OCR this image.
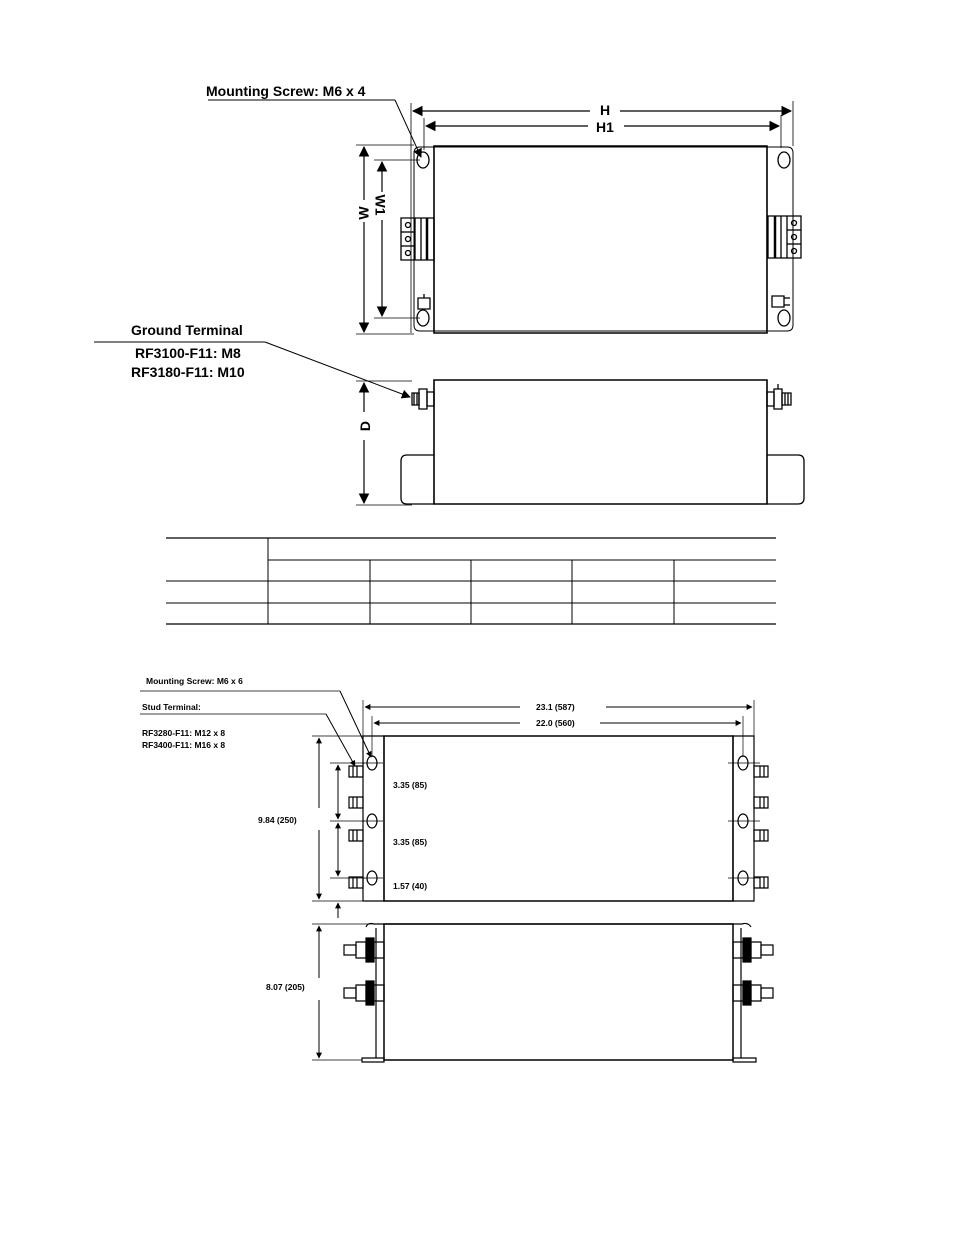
Mounting Screw: M6 x 4
H
H1
W W1
D
Ground Terminal
RF3100-F11: M8
RF3180-F11: M10
Mounting Screw: M6 x 6
Stud Terminal:
RF3280-F11: M12 x 8
RF3400-F11: M16 x 8
23.1 (587)
22.0 (560)
9.84 (250)
3.35 (85)
3.35 (85)
1.57 (40)
8.07 (205)
